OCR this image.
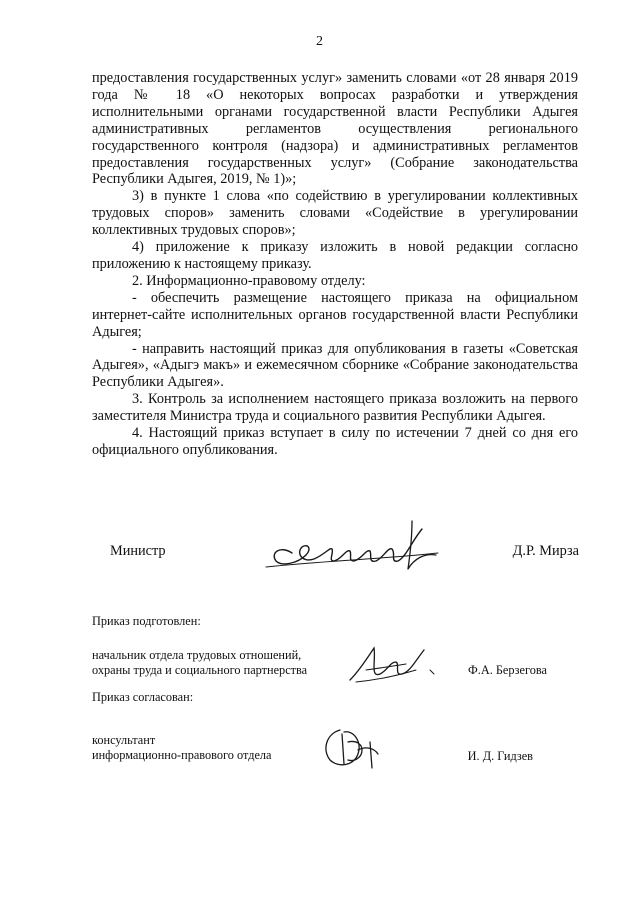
2

предоставления государственных услуг» заменить словами «от 28 января 2019 года № 18 «О некоторых вопросах разработки и утверждения исполнительными органами государственной власти Республики Адыгея административных регламентов осуществления регионального государственного контроля (надзора) и административных регламентов предоставления государственных услуг» (Собрание законодательства Республики Адыгея, 2019, № 1)»;

3) в пункте 1 слова «по содействию в урегулировании коллективных трудовых споров» заменить словами «Содействие в урегулировании коллективных трудовых споров»;

4) приложение к приказу изложить в новой редакции согласно приложению к настоящему приказу.

2. Информационно-правовому отделу:

- обеспечить размещение настоящего приказа на официальном интернет-сайте исполнительных органов государственной власти Республики Адыгея;

- направить настоящий приказ для опубликования в газеты «Советская Адыгея», «Адыгэ макъ» и ежемесячном сборнике «Собрание законодательства Республики Адыгея».

3. Контроль за исполнением настоящего приказа возложить на первого заместителя Министра труда и социального развития Республики Адыгея.

4. Настоящий приказ вступает в силу по истечении 7 дней со дня его официального опубликования.

Министр	Д.Р. Мирза
Приказ подготовлен:
начальник отдела трудовых отношений,
охраны труда и социального партнерства	Ф.А. Берзегова
Приказ согласован:
консультант
информационно-правового отдела	И. Д. Гидзев
